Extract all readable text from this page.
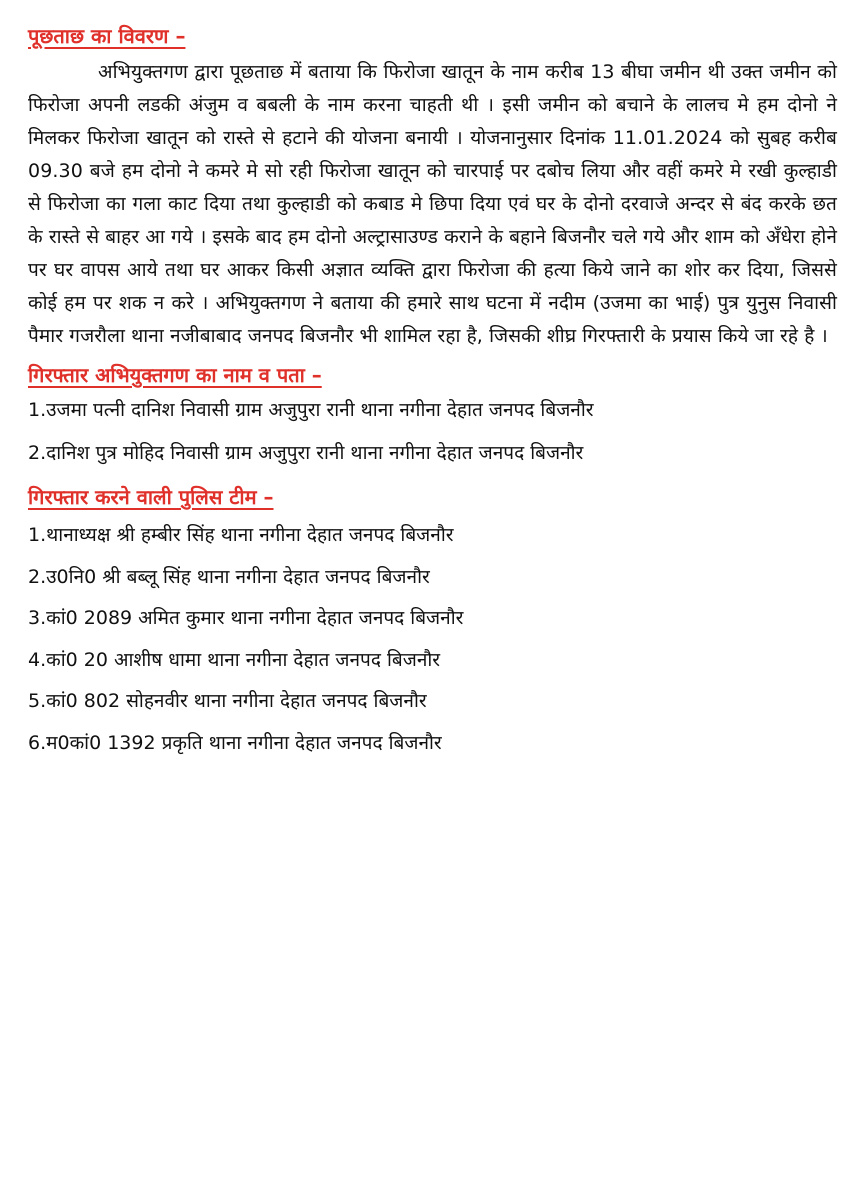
पूछताछ का विवरण –

अभियुक्तगण द्वारा पूछताछ में बताया कि फिरोजा खातून के नाम करीब 13 बीघा जमीन थी उक्त जमीन को फिरोजा अपनी लडकी अंजुम व बबली के नाम करना चाहती थी । इसी जमीन को बचाने के लालच मे हम दोनो ने मिलकर फिरोजा खातून को रास्ते से हटाने की योजना बनायी । योजनानुसार दिनांक 11.01.2024 को सुबह करीब 09.30 बजे हम दोनो ने कमरे मे सो रही फिरोजा खातून को चारपाई पर दबोच लिया और वहीं कमरे मे रखी कुल्हाडी से फिरोजा का गला काट दिया तथा कुल्हाडी को कबाड मे छिपा दिया एवं घर के दोनो दरवाजे अन्दर से बंद करके छत के रास्ते से बाहर आ गये । इसके बाद हम दोनो अल्ट्रासाउण्ड कराने के बहाने बिजनौर चले गये और शाम को अँधेरा होने पर घर वापस आये तथा घर आकर किसी अज्ञात व्यक्ति द्वारा फिरोजा की हत्या किये जाने का शोर कर दिया, जिससे कोई हम पर शक न करे । अभियुक्तगण ने बताया की हमारे साथ घटना में नदीम (उजमा का भाई) पुत्र युनुस निवासी पैमार गजरौला थाना नजीबाबाद जनपद बिजनौर भी शामिल रहा है, जिसकी शीघ्र गिरफ्तारी के प्रयास किये जा रहे है ।

गिरफ्तार अभियुक्तगण का नाम व पता –
1.उजमा पत्नी दानिश निवासी ग्राम अजुपुरा रानी थाना नगीना देहात जनपद बिजनौर
2.दानिश पुत्र मोहिद निवासी ग्राम अजुपुरा रानी थाना नगीना देहात जनपद बिजनौर
गिरफ्तार करने वाली पुलिस टीम –
1.थानाध्यक्ष श्री हम्बीर सिंह थाना नगीना देहात जनपद बिजनौर
2.उ0नि0 श्री बब्लू सिंह थाना नगीना देहात जनपद बिजनौर
3.कां0 2089 अमित कुमार थाना नगीना देहात जनपद बिजनौर
4.कां0 20 आशीष धामा थाना नगीना देहात जनपद बिजनौर
5.कां0 802 सोहनवीर थाना नगीना देहात जनपद बिजनौर
6.म0कां0 1392 प्रकृति थाना नगीना देहात जनपद बिजनौर
